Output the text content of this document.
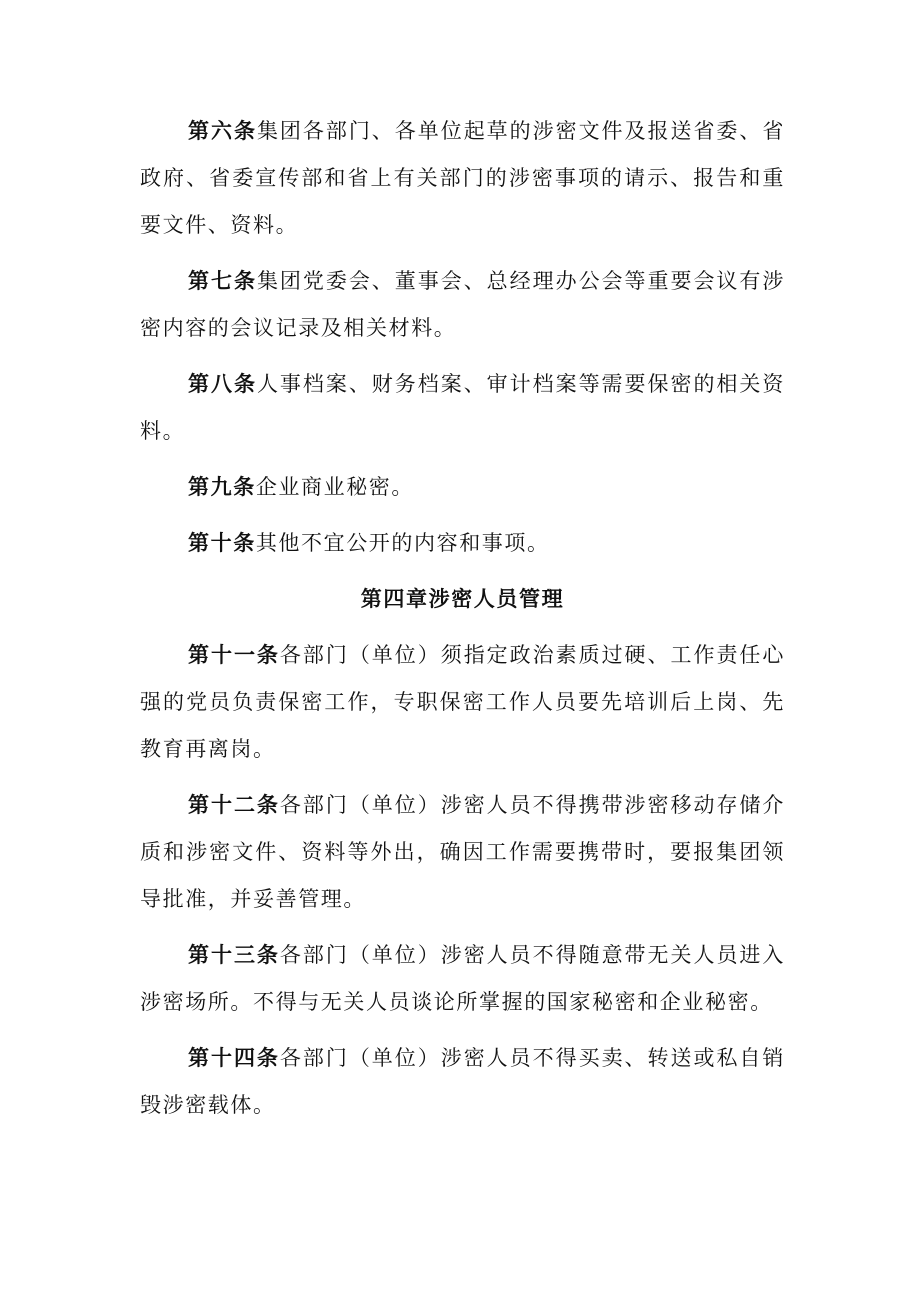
第六条集团各部门、各单位起草的涉密文件及报送省委、省政府、省委宣传部和省上有关部门的涉密事项的请示、报告和重要文件、资料。

第七条集团党委会、董事会、总经理办公会等重要会议有涉密内容的会议记录及相关材料。

第八条人事档案、财务档案、审计档案等需要保密的相关资料。

第九条企业商业秘密。

第十条其他不宜公开的内容和事项。

第四章涉密人员管理

第十一条各部门（单位）须指定政治素质过硬、工作责任心强的党员负责保密工作，专职保密工作人员要先培训后上岗、先教育再离岗。

第十二条各部门（单位）涉密人员不得携带涉密移动存储介质和涉密文件、资料等外出，确因工作需要携带时，要报集团领导批准，并妥善管理。

第十三条各部门（单位）涉密人员不得随意带无关人员进入涉密场所。不得与无关人员谈论所掌握的国家秘密和企业秘密。

第十四条各部门（单位）涉密人员不得买卖、转送或私自销毁涉密载体。
